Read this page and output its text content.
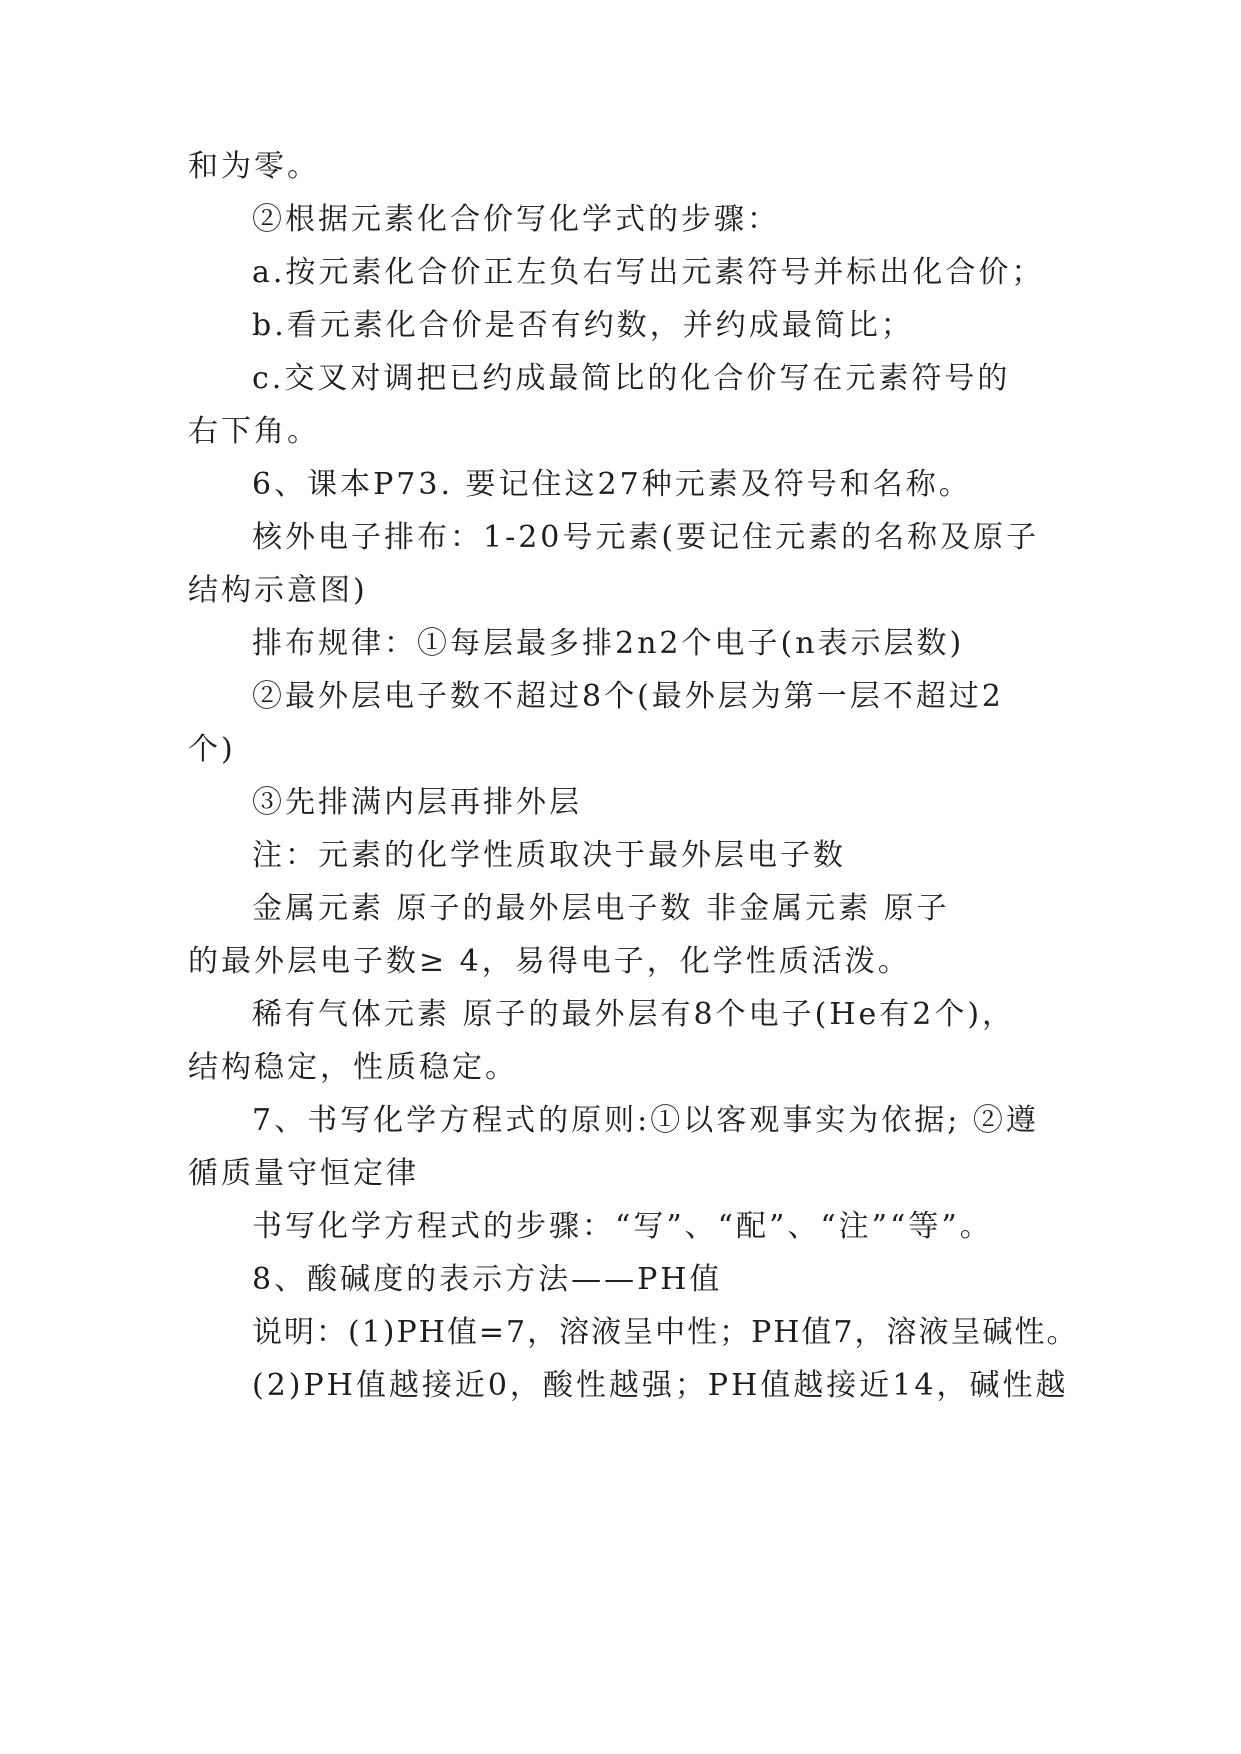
和为零。
②根据元素化合价写化学式的步骤：
a.按元素化合价正左负右写出元素符号并标出化合价；
b.看元素化合价是否有约数，并约成最简比；
c.交叉对调把已约成最简比的化合价写在元素符号的
右下角。
6、课本P73. 要记住这27种元素及符号和名称。
核外电子排布：1-20号元素(要记住元素的名称及原子
结构示意图)
排布规律：①每层最多排2n2个电子(n表示层数)
②最外层电子数不超过8个(最外层为第一层不超过2
个)
③先排满内层再排外层
注：元素的化学性质取决于最外层电子数
金属元素 原子的最外层电子数 非金属元素 原子
的最外层电子数≥ 4，易得电子，化学性质活泼。
稀有气体元素 原子的最外层有8个电子(He有2个)，
结构稳定，性质稳定。
7、书写化学方程式的原则:①以客观事实为依据; ②遵
循质量守恒定律
书写化学方程式的步骤：“写”、“配”、“注”“等”。
8、酸碱度的表示方法——PH值
说明：(1)PH值=7，溶液呈中性；PH值7，溶液呈碱性。
(2)PH值越接近0，酸性越强；PH值越接近14，碱性越
